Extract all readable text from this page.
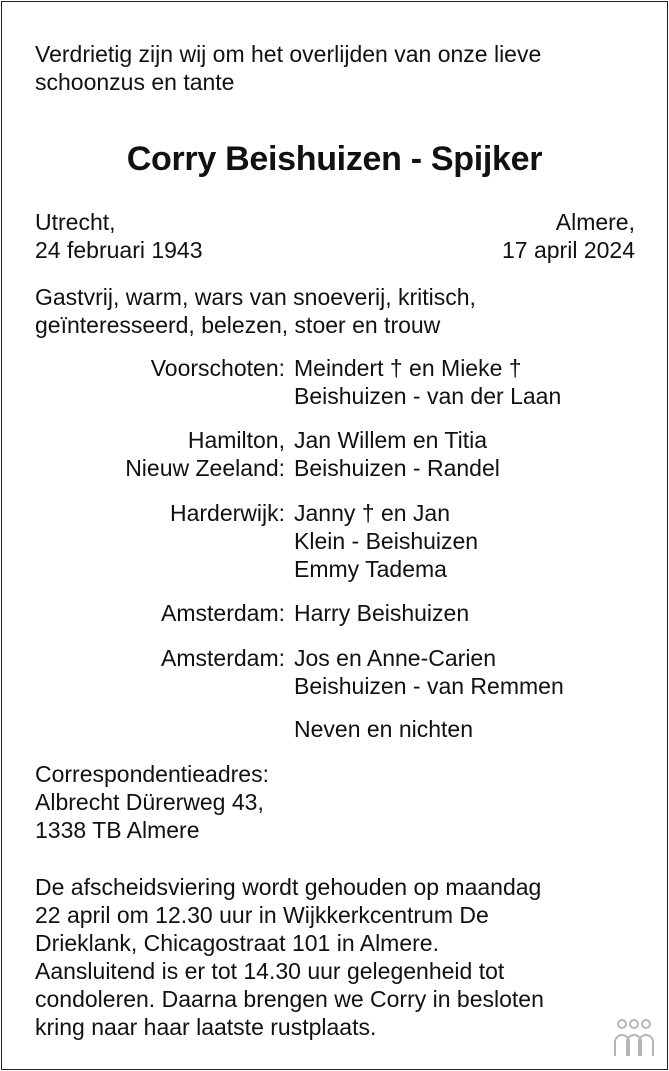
Verdrietig zijn wij om het overlijden van onze lieve
schoonzus en tante
Corry Beishuizen - Spijker
Utrecht,
24 februari 1943
Almere,
17 april 2024
Gastvrij, warm, wars van snoeverij, kritisch,
geïnteresseerd, belezen, stoer en trouw
Voorschoten: Meindert † en Mieke †
Beishuizen - van der Laan
Hamilton,
Nieuw Zeeland:
Jan Willem en Titia
Beishuizen - Randel
Harderwijk: Janny † en Jan
Klein - Beishuizen
Emmy Tadema
Amsterdam: Harry Beishuizen
Amsterdam: Jos en Anne-Carien
Beishuizen - van Remmen
Neven en nichten
Correspondentieadres:
Albrecht Dürerweg 43,
1338 TB Almere
De afscheidsviering wordt gehouden op maandag
22 april om 12.30 uur in Wijkkerkcentrum De
Drieklank, Chicagostraat 101 in Almere.
Aansluitend is er tot 14.30 uur gelegenheid tot
condoleren. Daarna brengen we Corry in besloten
kring naar haar laatste rustplaats.
